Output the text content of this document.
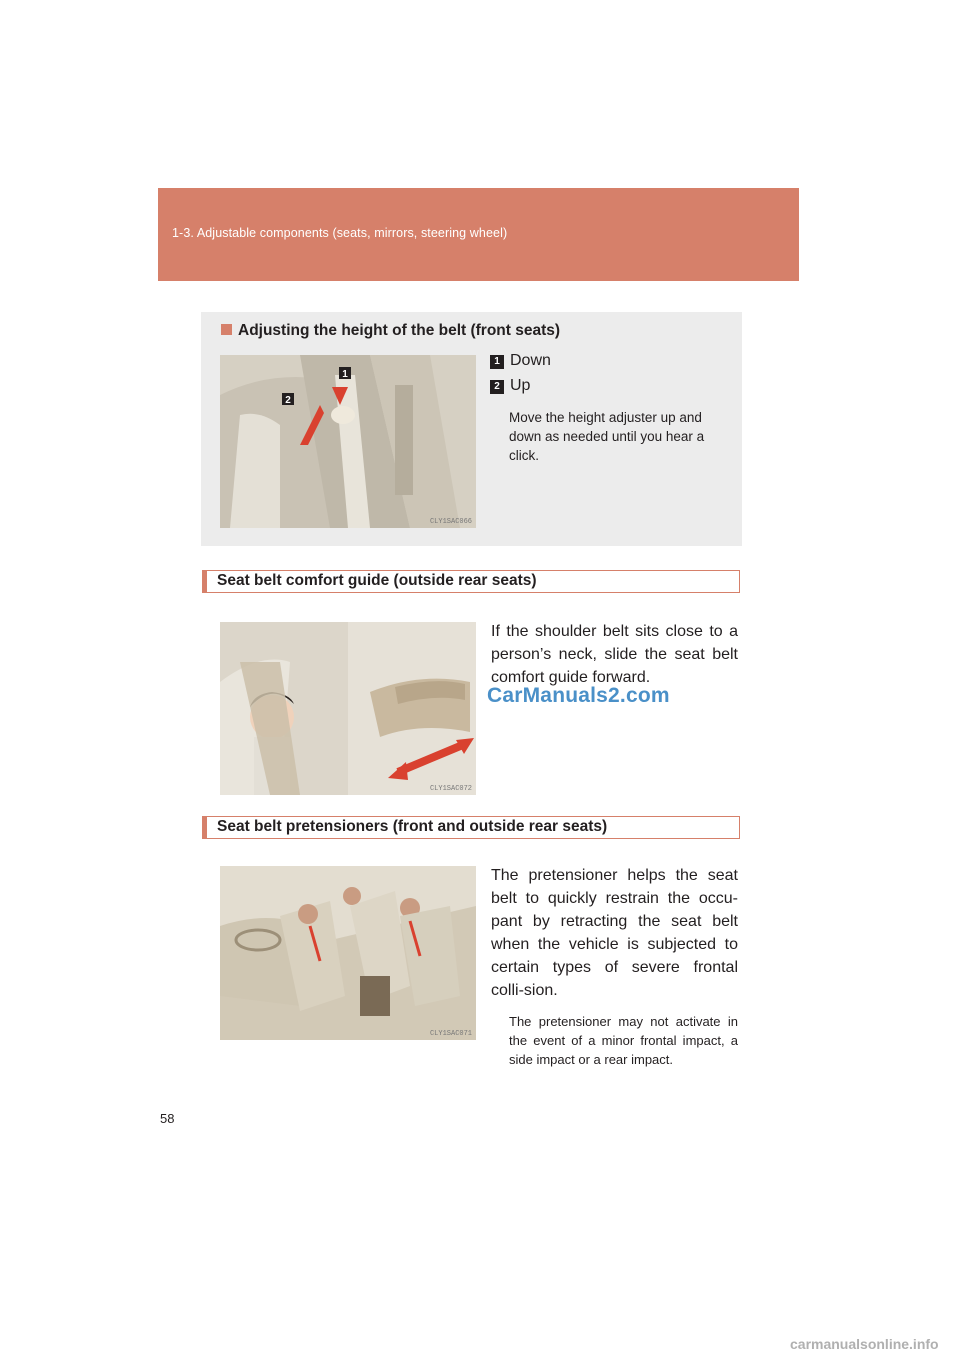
1-3. Adjustable components (seats, mirrors, steering wheel)
Adjusting the height of the belt (front seats)
1
2
CLY1SAC066
1 Down
2 Up
Move the height adjuster up and down as needed until you hear a click.
Seat belt comfort guide (outside rear seats)
CLY1SAC072
If the shoulder belt sits close to a person’s neck, slide the seat belt comfort guide forward.
CarManuals2.com
Seat belt pretensioners (front and outside rear seats)
CLY1SAC071
The pretensioner helps the seat belt to quickly restrain the occu-pant by retracting the seat belt when the vehicle is subjected to certain types of severe frontal colli-sion.
The pretensioner may not activate in the event of a minor frontal impact, a side impact or a rear impact.
58
carmanualsonline.info
